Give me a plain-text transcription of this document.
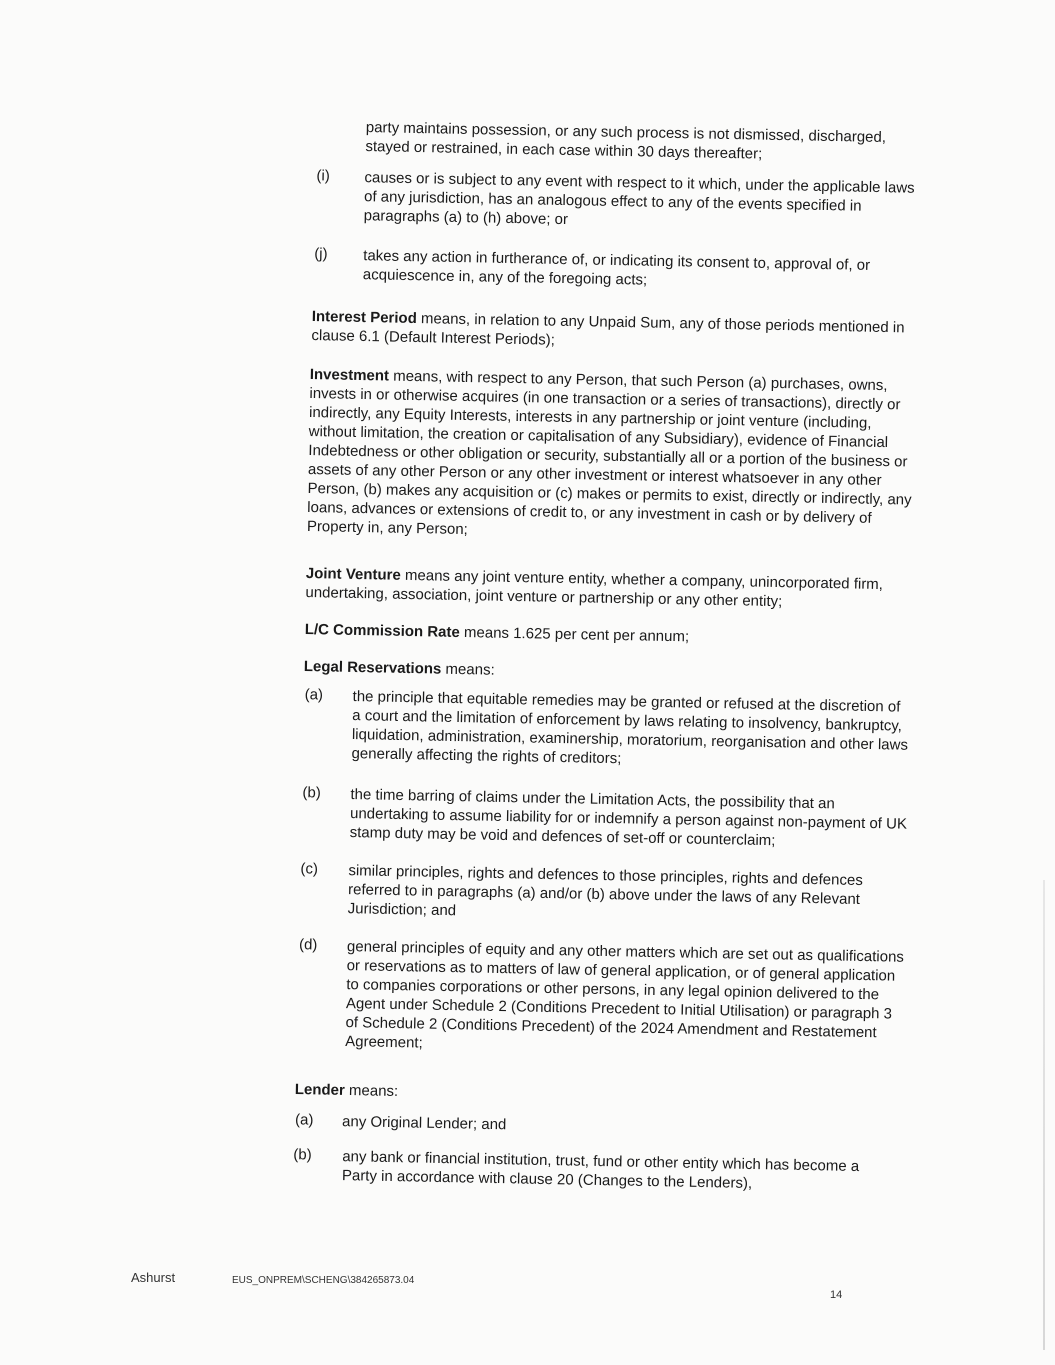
party maintains possession, or any such process is not dismissed, discharged, stayed or restrained, in each case within 30 days thereafter;
(i) causes or is subject to any event with respect to it which, under the applicable laws of any jurisdiction, has an analogous effect to any of the events specified in paragraphs (a) to (h) above; or
(j) takes any action in furtherance of, or indicating its consent to, approval of, or acquiescence in, any of the foregoing acts;

Interest Period means, in relation to any Unpaid Sum, any of those periods mentioned in clause 6.1 (Default Interest Periods);

Investment means, with respect to any Person, that such Person (a) purchases, owns, invests in or otherwise acquires (in one transaction or a series of transactions), directly or indirectly, any Equity Interests, interests in any partnership or joint venture (including, without limitation, the creation or capitalisation of any Subsidiary), evidence of Financial Indebtedness or other obligation or security, substantially all or a portion of the business or assets of any other Person or any other investment or interest whatsoever in any other Person, (b) makes any acquisition or (c) makes or permits to exist, directly or indirectly, any loans, advances or extensions of credit to, or any investment in cash or by delivery of Property in, any Person;

Joint Venture means any joint venture entity, whether a company, unincorporated firm, undertaking, association, joint venture or partnership or any other entity;

L/C Commission Rate means 1.625 per cent per annum;

Legal Reservations means:

(a) the principle that equitable remedies may be granted or refused at the discretion of a court and the limitation of enforcement by laws relating to insolvency, bankruptcy, liquidation, administration, examinership, moratorium, reorganisation and other laws generally affecting the rights of creditors;
(b) the time barring of claims under the Limitation Acts, the possibility that an undertaking to assume liability for or indemnify a person against non-payment of UK stamp duty may be void and defences of set-off or counterclaim;
(c) similar principles, rights and defences to those principles, rights and defences referred to in paragraphs (a) and/or (b) above under the laws of any Relevant Jurisdiction; and
(d) general principles of equity and any other matters which are set out as qualifications or reservations as to matters of law of general application, or of general application to companies corporations or other persons, in any legal opinion delivered to the Agent under Schedule 2 (Conditions Precedent to Initial Utilisation) or paragraph 3 of Schedule 2 (Conditions Precedent) of the 2024 Amendment and Restatement Agreement;

Lender means:

(a) any Original Lender; and
(b) any bank or financial institution, trust, fund or other entity which has become a Party in accordance with clause 20 (Changes to the Lenders),
Ashurst	EUS_ONPREM\SCHENG\384265873.04
14
